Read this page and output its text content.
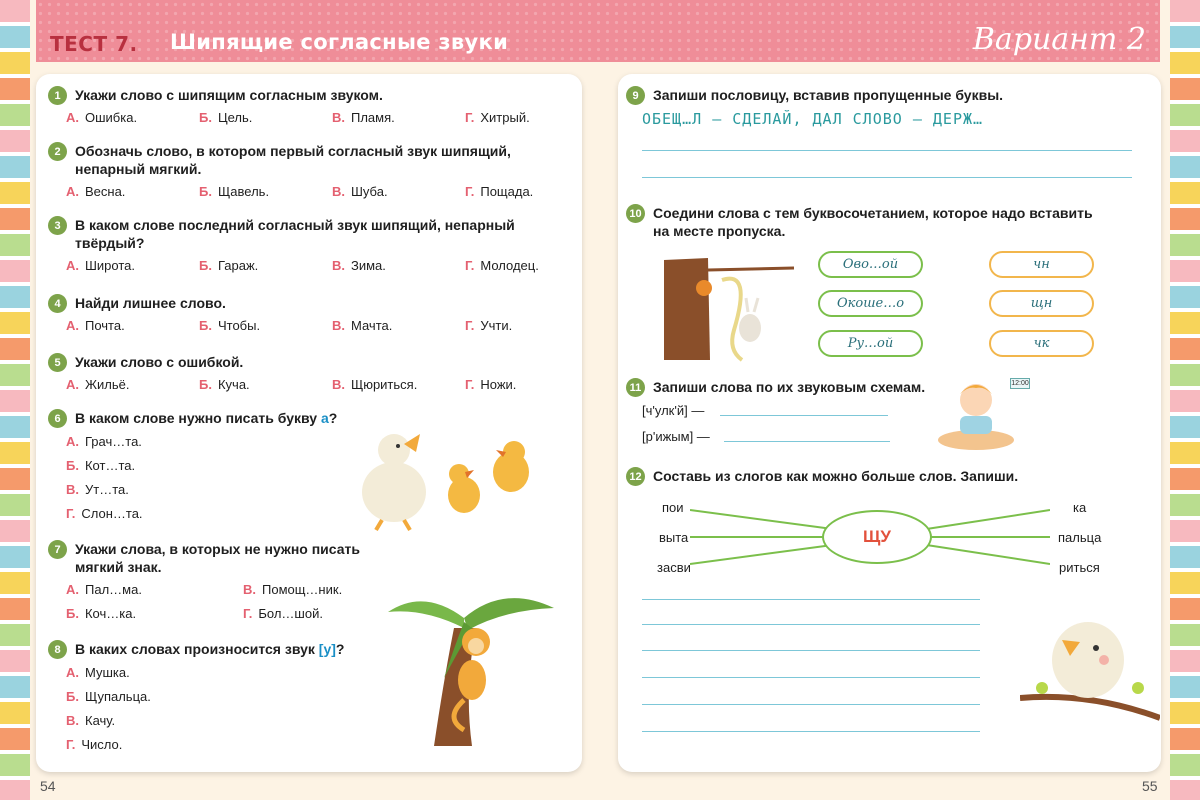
ТЕСТ 7. Шипящие согласные звуки	Вариант 2
1	Укажи слово с шипящим согласным звуком.
А. Ошибка.	Б. Цель.	В. Пламя.	Г. Хитрый.
2	Обозначь слово, в котором первый согласный звук шипящий,
непарный мягкий.
А. Весна.	Б. Щавель.	В. Шуба.	Г. Пощада.
3	В каком слове последний согласный звук шипящий, непарный
твёрдый?
А. Широта.	Б. Гараж.	В. Зима.	Г. Молодец.
4	Найди лишнее слово.
А. Почта.	Б. Чтобы.	В. Мачта.	Г. Учти.
5	Укажи слово с ошибкой.
А. Жильё.	Б. Куча.	В. Щюриться.	Г. Ножи.
6	В каком слове нужно писать букву а?
А. Грач…та.
Б. Кот…та.
В. Ут…та.
Г. Слон…та.
7	Укажи слова, в которых не нужно писать
мягкий знак.
А. Пал…ма.	В. Помощ…ник.
Б. Коч…ка.	Г. Бол…шой.
8	В каких словах произносится звук [у]?
А. Мушка.
Б. Щупальца.
В. Качу.
Г. Число.
54
9	Запиши пословицу, вставив пропущенные буквы.
ОБЕЩ…Л — СДЕЛАЙ, ДАЛ СЛОВО — ДЕРЖ…
10 Соедини слова с тем буквосочетанием, которое надо вставить
на месте пропуска.
Ово…ой
Окоше…о
Ру…ой
чн
щн
чк
11 Запиши слова по их звуковым схемам.
[ч'улк'й] —
[р'ижым] —
12:00
12 Составь из слогов как можно больше слов. Запиши.
пои
выта
засви
ка
пальца
риться
ЩУ
55
